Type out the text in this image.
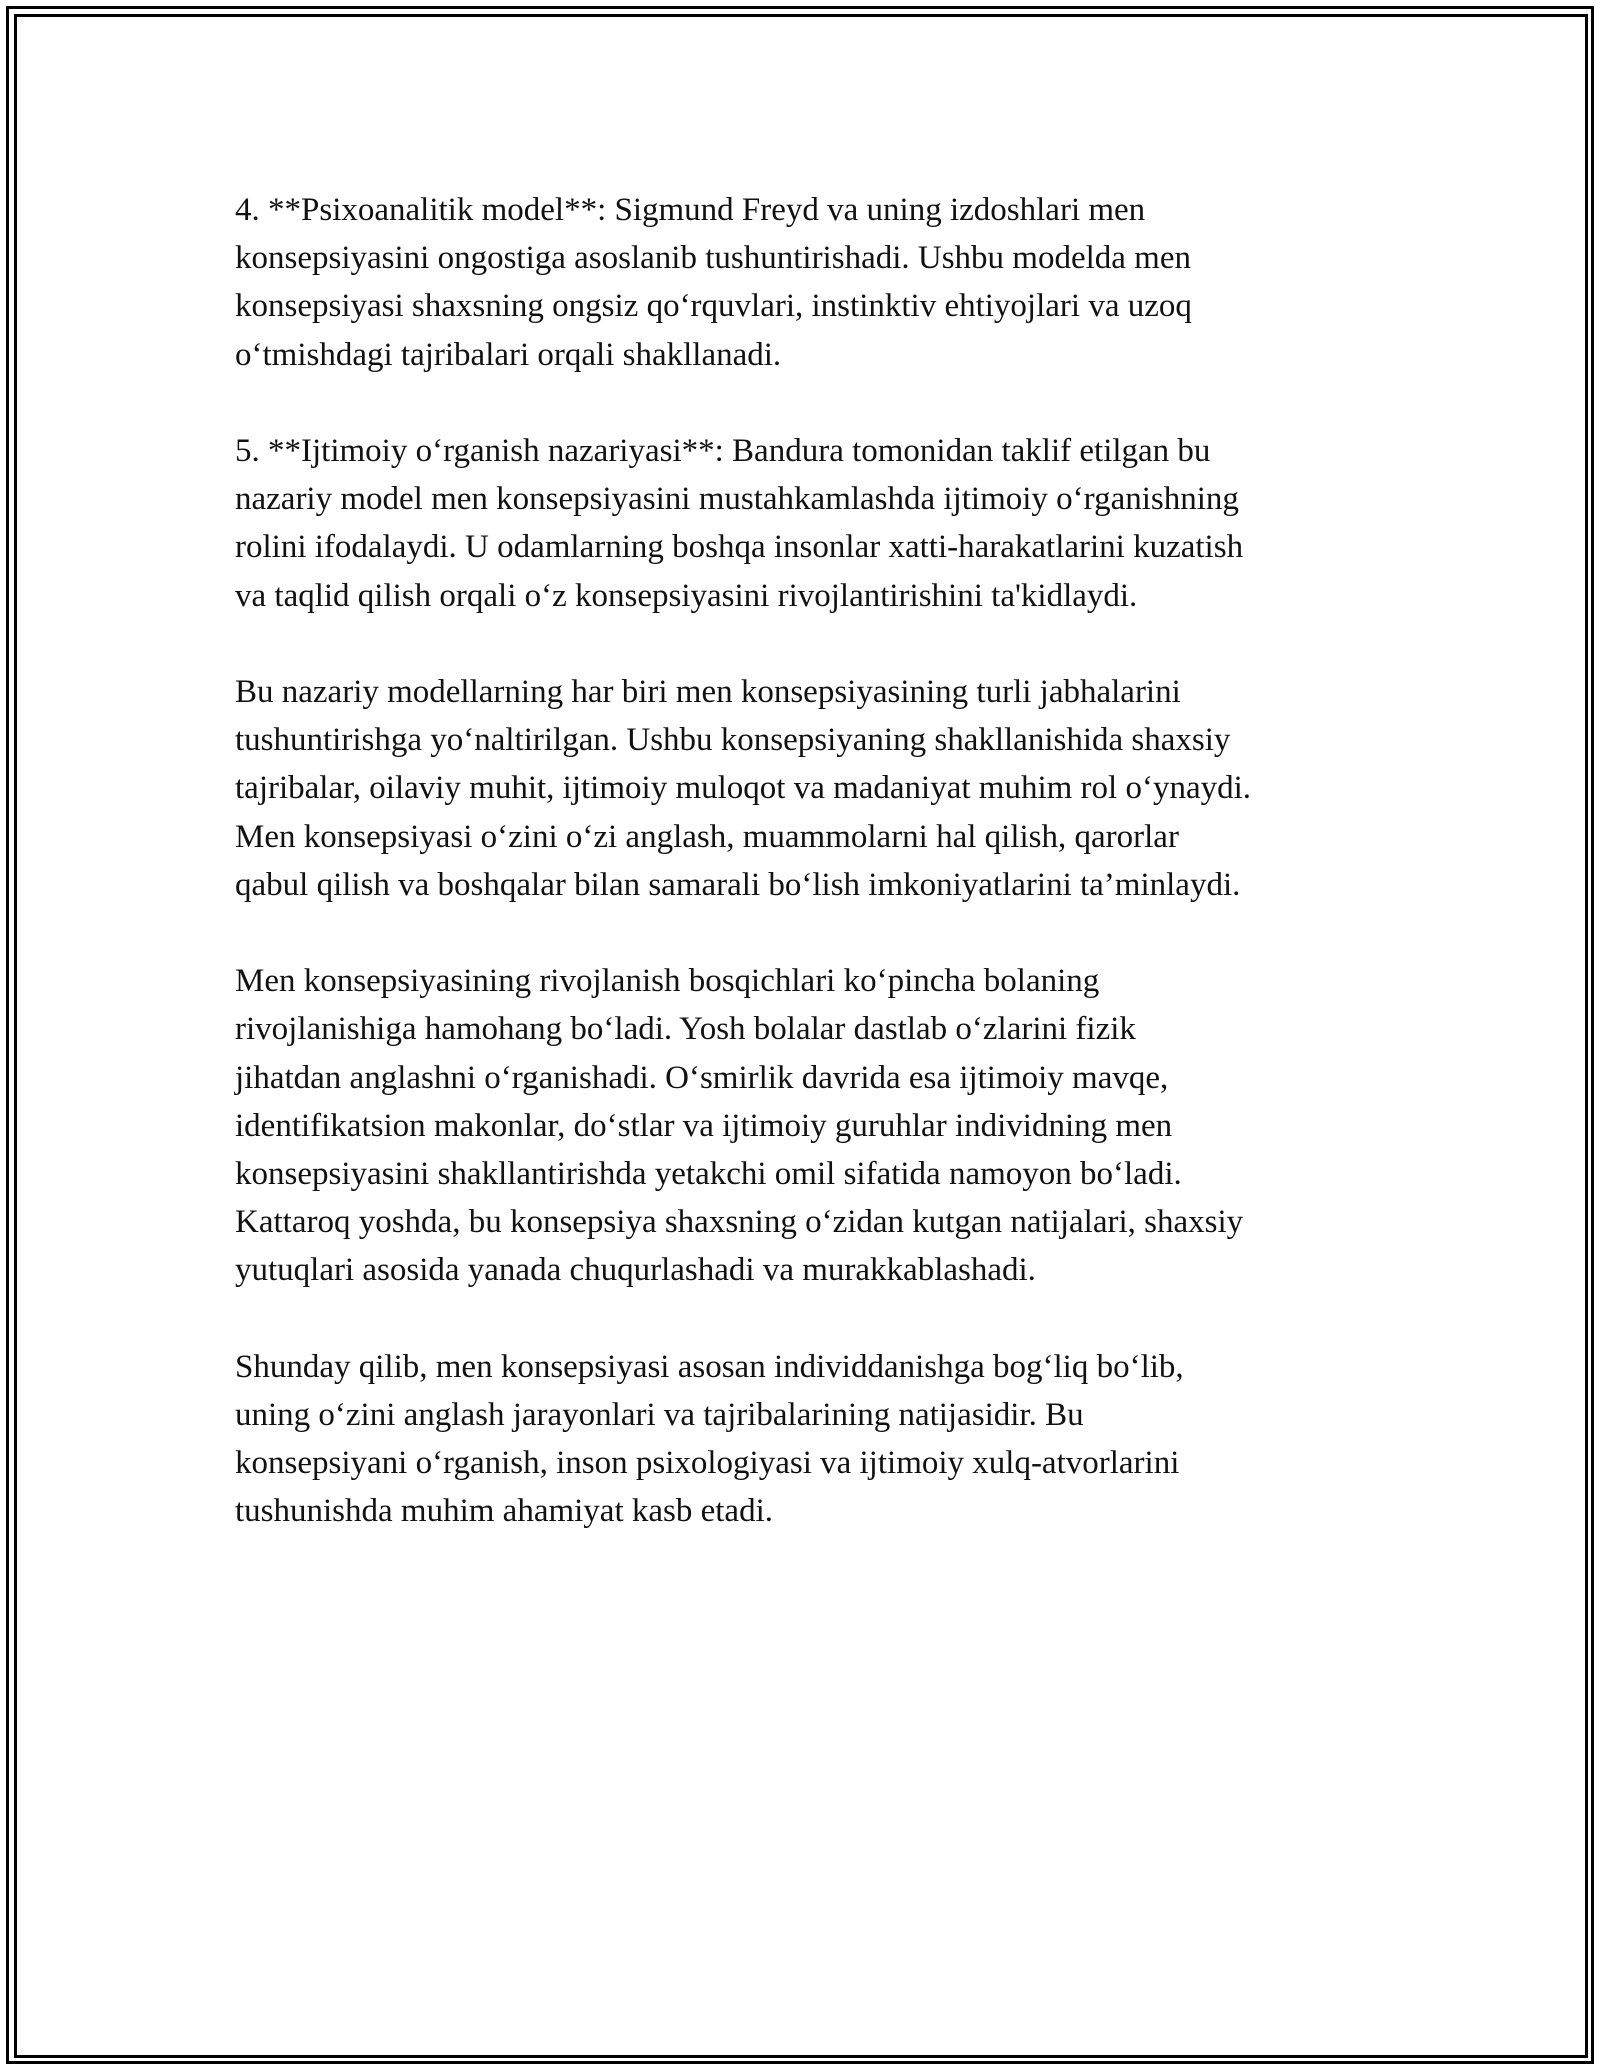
4. **Psixoanalitik model**: Sigmund Freyd va uning izdoshlari men
konsepsiyasini ongostiga asoslanib tushuntirishadi. Ushbu modelda men
konsepsiyasi shaxsning ongsiz qoʻrquvlari, instinktiv ehtiyojlari va uzoq
oʻtmishdagi tajribalari orqali shakllanadi.

5. **Ijtimoiy oʻrganish nazariyasi**: Bandura tomonidan taklif etilgan bu
nazariy model men konsepsiyasini mustahkamlashda ijtimoiy oʻrganishning
rolini ifodalaydi. U odamlarning boshqa insonlar xatti-harakatlarini kuzatish
va taqlid qilish orqali oʻz konsepsiyasini rivojlantirishini ta'kidlaydi.

Bu nazariy modellarning har biri men konsepsiyasining turli jabhalarini
tushuntirishga yoʻnaltirilgan. Ushbu konsepsiyaning shakllanishida shaxsiy
tajribalar, oilaviy muhit, ijtimoiy muloqot va madaniyat muhim rol oʻynaydi.
Men konsepsiyasi oʻzini oʻzi anglash, muammolarni hal qilish, qarorlar
qabul qilish va boshqalar bilan samarali boʻlish imkoniyatlarini ta’minlaydi.

Men konsepsiyasining rivojlanish bosqichlari koʻpincha bolaning
rivojlanishiga hamohang boʻladi. Yosh bolalar dastlab oʻzlarini fizik
jihatdan anglashni oʻrganishadi. Oʻsmirlik davrida esa ijtimoiy mavqe,
identifikatsion makonlar, doʻstlar va ijtimoiy guruhlar individning men
konsepsiyasini shakllantirishda yetakchi omil sifatida namoyon boʻladi.
Kattaroq yoshda, bu konsepsiya shaxsning oʻzidan kutgan natijalari, shaxsiy
yutuqlari asosida yanada chuqurlashadi va murakkablashadi.

Shunday qilib, men konsepsiyasi asosan individdanishga bogʻliq boʻlib,
uning oʻzini anglash jarayonlari va tajribalarining natijasidir. Bu
konsepsiyani oʻrganish, inson psixologiyasi va ijtimoiy xulq-atvorlarini
tushunishda muhim ahamiyat kasb etadi.
